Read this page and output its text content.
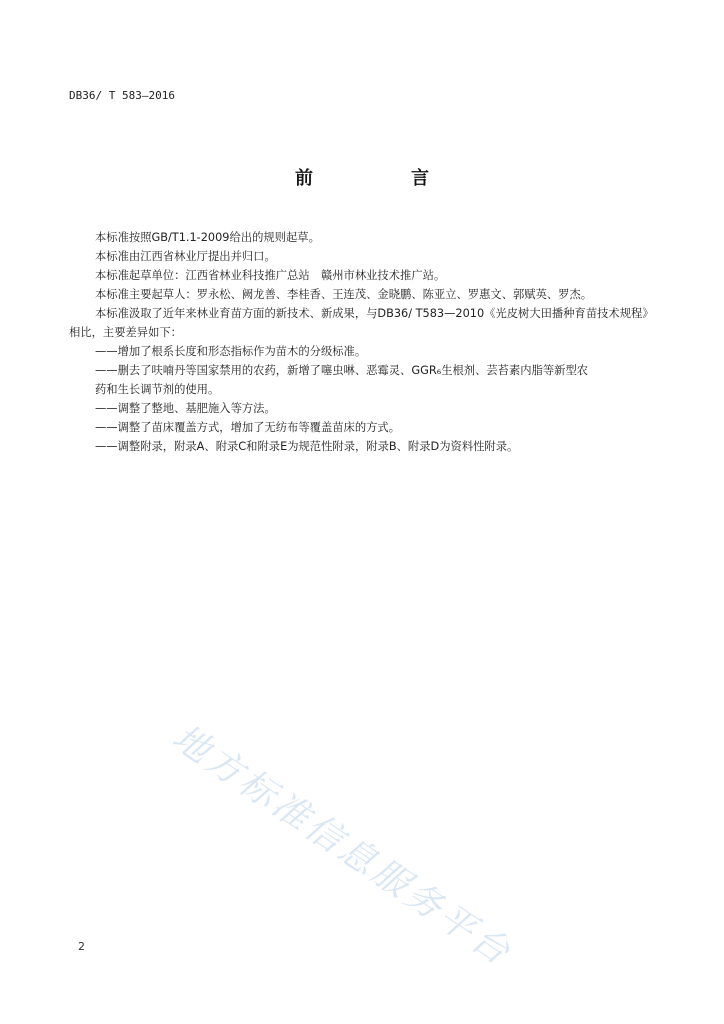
DB36/ T 583—2016
前　言

本标准按照GB/T1.1-2009给出的规则起草。

本标准由江西省林业厅提出并归口。

本标准起草单位：江西省林业科技推广总站　赣州市林业技术推广站。

本标准主要起草人：罗永松、阙龙善、李桂香、王连茂、金晓鹏、陈亚立、罗惠文、郭赋英、罗杰。

本标准汲取了近年来林业育苗方面的新技术、新成果，与DB36/ T583—2010《光皮树大田播种育苗技术规程》相比，主要差异如下：

——增加了根系长度和形态指标作为苗木的分级标准。

——删去了呋喃丹等国家禁用的农药，新增了噻虫啉、恶霉灵、GGR₆生根剂、芸苔素内脂等新型农

药和生长调节剂的使用。

——调整了整地、基肥施入等方法。

——调整了苗床覆盖方式，增加了无纺布等覆盖苗床的方式。

——调整附录，附录A、附录C和附录E为规范性附录，附录B、附录D为资料性附录。

地方标准信息服务平台
2
